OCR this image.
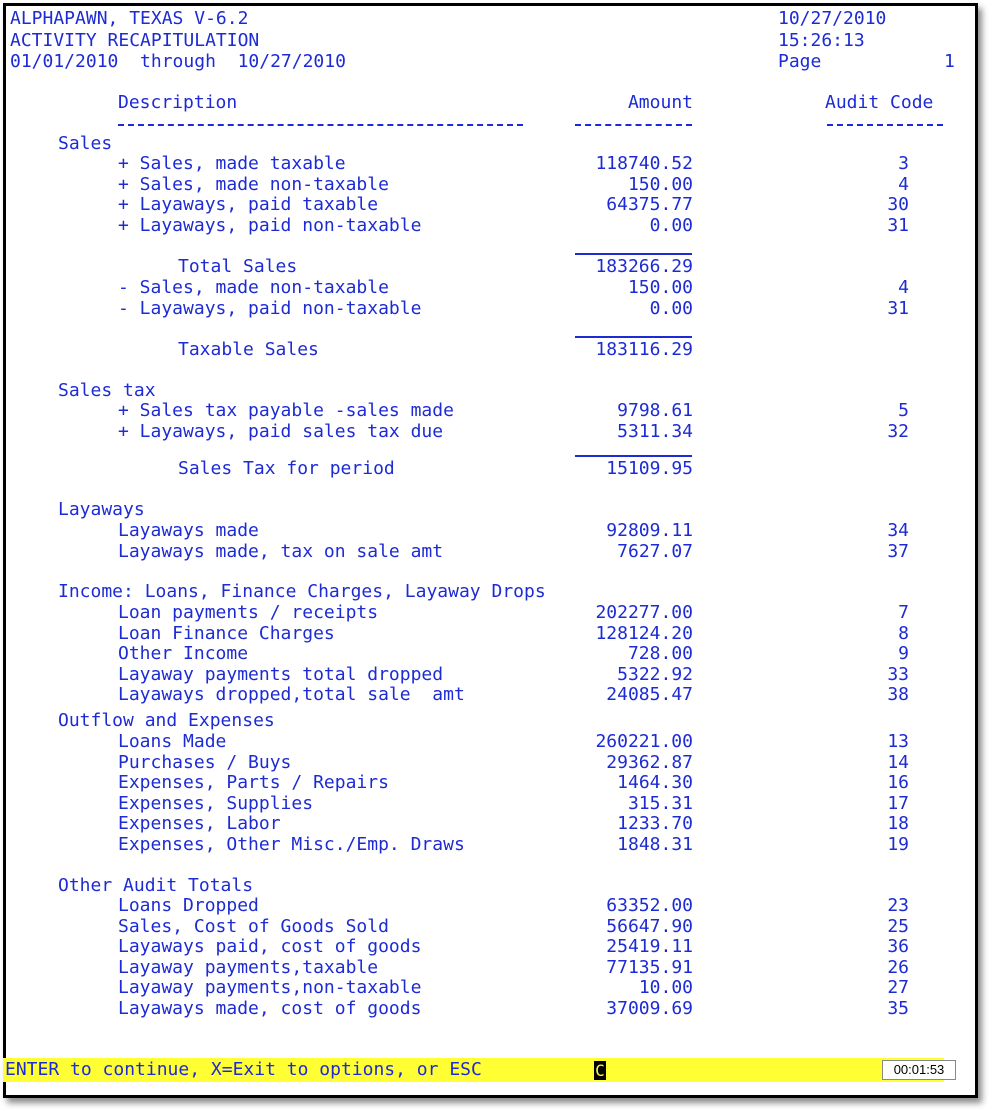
ALPHAPAWN, TEXAS V-6.2
ACTIVITY RECAPITULATION
01/01/2010  through  10/27/2010
10/27/2010
15:26:13
Page	1
Description	Amount	Audit Code
Sales
+ Sales, made taxable	118740.52	3
+ Sales, made non-taxable	150.00	4
+ Layaways, paid taxable	64375.77	30
+ Layaways, paid non-taxable	0.00	31
Total Sales	183266.29
- Sales, made non-taxable	150.00	4
- Layaways, paid non-taxable	0.00	31
Taxable Sales	183116.29
Sales tax
+ Sales tax payable -sales made	9798.61	5
+ Layaways, paid sales tax due	5311.34	32
Sales Tax for period	15109.95
Layaways
Layaways made	92809.11	34
Layaways made, tax on sale amt	7627.07	37
Income: Loans, Finance Charges, Layaway Drops
Loan payments / receipts	202277.00	7
Loan Finance Charges	128124.20	8
Other Income	728.00	9
Layaway payments total dropped	5322.92	33
Layaways dropped,total sale  amt	24085.47	38
Outflow and Expenses
Loans Made	260221.00	13
Purchases / Buys	29362.87	14
Expenses, Parts / Repairs	1464.30	16
Expenses, Supplies	315.31	17
Expenses, Labor	1233.70	18
Expenses, Other Misc./Emp. Draws	1848.31	19
Other Audit Totals
Loans Dropped	63352.00	23
Sales, Cost of Goods Sold	56647.90	25
Layaways paid, cost of goods	25419.11	36
Layaway payments,taxable	77135.91	26
Layaway payments,non-taxable	10.00	27
Layaways made, cost of goods	37009.69	35
ENTER to continue, X=Exit to options, or ESC	C	00:01:53
